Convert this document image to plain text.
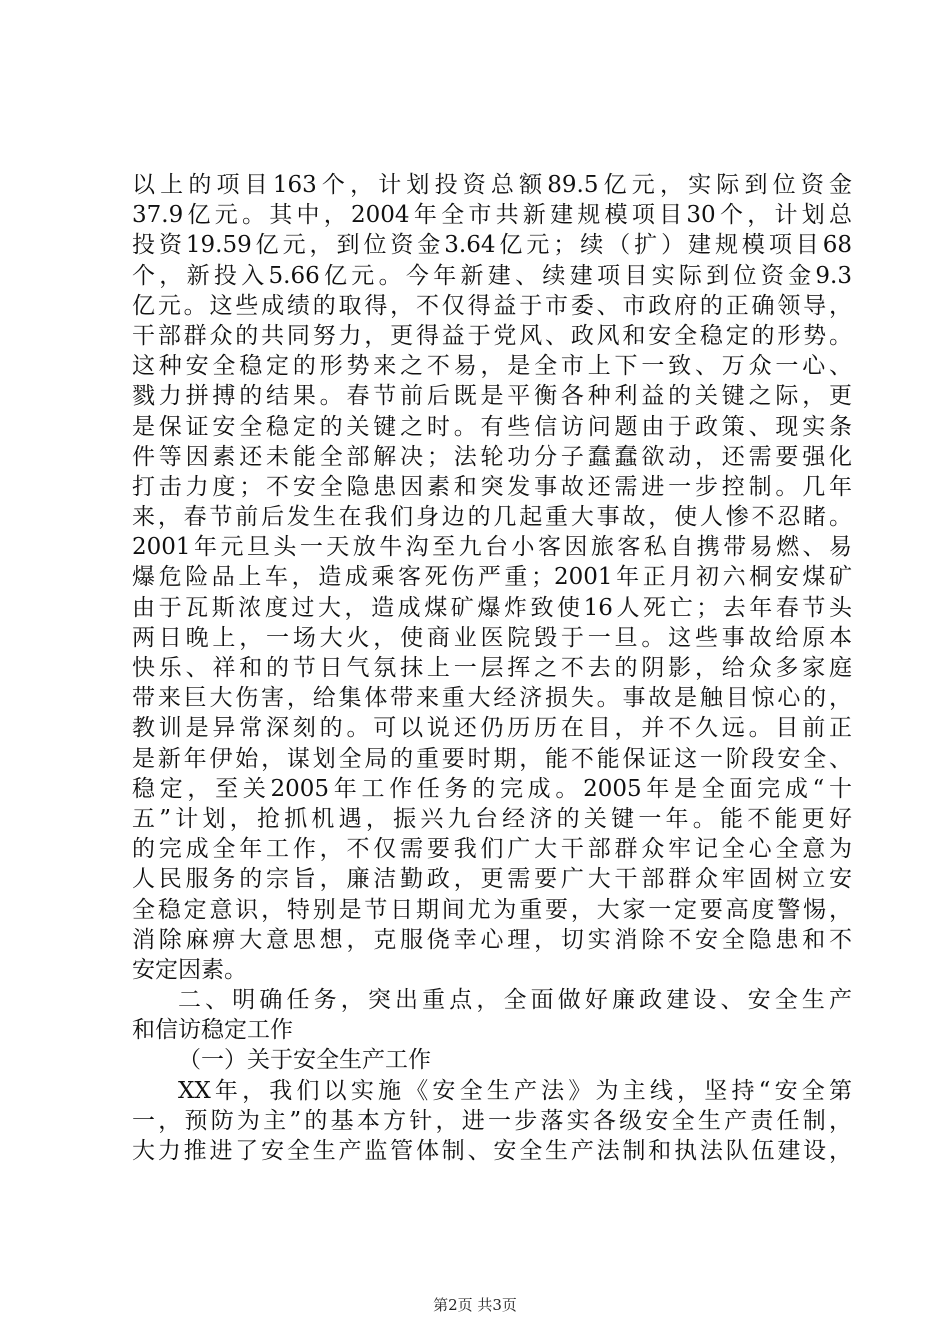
以上的项目163个，计划投资总额89.5亿元，实际到位资金
37.9亿元。其中，2004年全市共新建规模项目30个，计划总
投资19.59亿元，到位资金3.64亿元；续（扩）建规模项目68
个，新投入5.66亿元。今年新建、续建项目实际到位资金9.3
亿元。这些成绩的取得，不仅得益于市委、市政府的正确领导，
干部群众的共同努力，更得益于党风、政风和安全稳定的形势。
这种安全稳定的形势来之不易，是全市上下一致、万众一心、
戮力拼搏的结果。春节前后既是平衡各种利益的关键之际，更
是保证安全稳定的关键之时。有些信访问题由于政策、现实条
件等因素还未能全部解决；法轮功分子蠢蠢欲动，还需要强化
打击力度；不安全隐患因素和突发事故还需进一步控制。几年
来，春节前后发生在我们身边的几起重大事故，使人惨不忍睹。
2001年元旦头一天放牛沟至九台小客因旅客私自携带易燃、易
爆危险品上车，造成乘客死伤严重；2001年正月初六桐安煤矿
由于瓦斯浓度过大，造成煤矿爆炸致使16人死亡；去年春节头
两日晚上，一场大火，使商业医院毁于一旦。这些事故给原本
快乐、祥和的节日气氛抹上一层挥之不去的阴影，给众多家庭
带来巨大伤害，给集体带来重大经济损失。事故是触目惊心的，
教训是异常深刻的。可以说还仍历历在目，并不久远。目前正
是新年伊始，谋划全局的重要时期，能不能保证这一阶段安全、
稳定，至关2005年工作任务的完成。2005年是全面完成“十
五”计划，抢抓机遇，振兴九台经济的关键一年。能不能更好
的完成全年工作，不仅需要我们广大干部群众牢记全心全意为
人民服务的宗旨，廉洁勤政，更需要广大干部群众牢固树立安
全稳定意识，特别是节日期间尤为重要，大家一定要高度警惕，
消除麻痹大意思想，克服侥幸心理，切实消除不安全隐患和不
安定因素。
二、明确任务，突出重点，全面做好廉政建设、安全生产
和信访稳定工作
（一）关于安全生产工作
XX年，我们以实施《安全生产法》为主线，坚持“安全第
一，预防为主”的基本方针，进一步落实各级安全生产责任制，
大力推进了安全生产监管体制、安全生产法制和执法队伍建设，
第2页 共3页
